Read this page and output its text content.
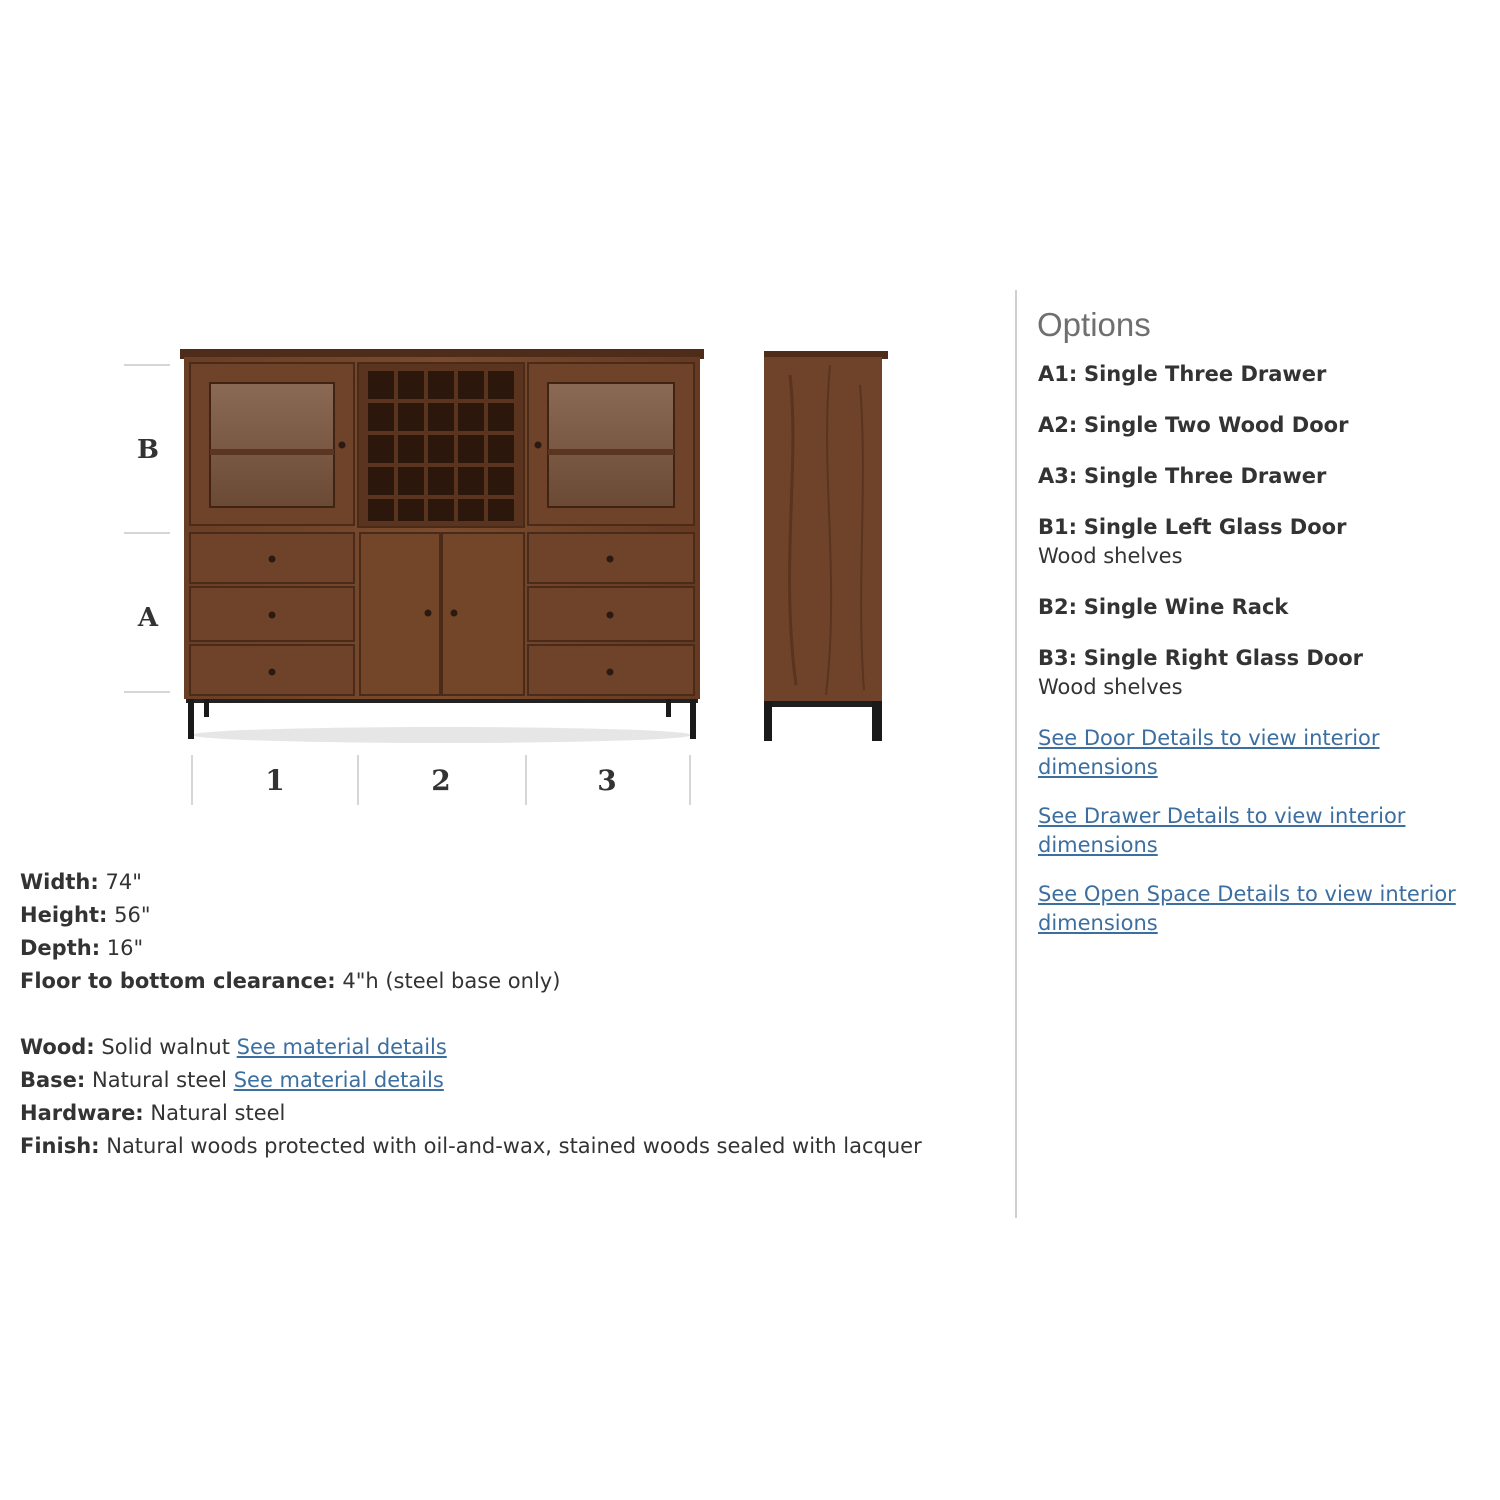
B
A
1	2	3
Width: 74"
Height: 56"
Depth: 16"
Floor to bottom clearance: 4"h (steel base only)
Wood: Solid walnut See material details
Base: Natural steel See material details
Hardware: Natural steel
Finish: Natural woods protected with oil-and-wax, stained woods sealed with lacquer
Options
A1: Single Three Drawer
A2: Single Two Wood Door
A3: Single Three Drawer
B1: Single Left Glass Door
Wood shelves
B2: Single Wine Rack
B3: Single Right Glass Door
Wood shelves
See Door Details to view interior dimensions
See Drawer Details to view interior dimensions
See Open Space Details to view interior dimensions
